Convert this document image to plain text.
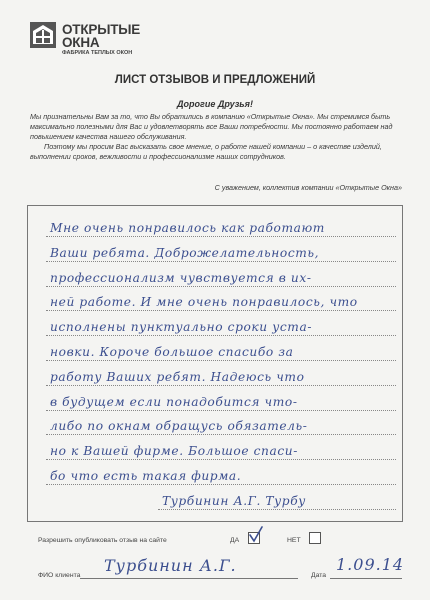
ОТКРЫТЫЕ
ОКНА
ФАБРИКА ТЕПЛЫХ ОКОН
ЛИСТ ОТЗЫВОВ И ПРЕДЛОЖЕНИЙ
Дорогие Друзья!

Мы признательны Вам за то, что Вы обратились в компанию «Открытые Окна». Мы стремимся быть максимально полезными для Вас и удовлетворять все Ваши потребности. Мы постоянно работаем над повышением качества нашего обслуживания.

Поэтому мы просим Вас высказать свое мнение, о работе нашей компании – о качестве изделий, выполнении сроков, вежливости и профессионализме наших сотрудников.

С уважением, коллектив компании «Открытые Окна»
Мне очень понравилось как работают
Ваши ребята. Доброжелательность,
профессионализм чувствуется в их-
ней работе. И мне очень понравилось, что
исполнены пунктуально сроки уста-
новки. Короче большое спасибо за
работу Ваших ребят. Надеюсь что
в будущем если понадобится что-
либо по окнам обращусь обязатель-
но к Вашей фирме. Большое спаси-
бо что есть такая фирма.
Турбинин А.Г. Турбу
Разрешить опубликовать отзыв на сайте	ДА	НЕТ
ФИО клиента
Турбинин А.Г.
Дата
1.09.14
